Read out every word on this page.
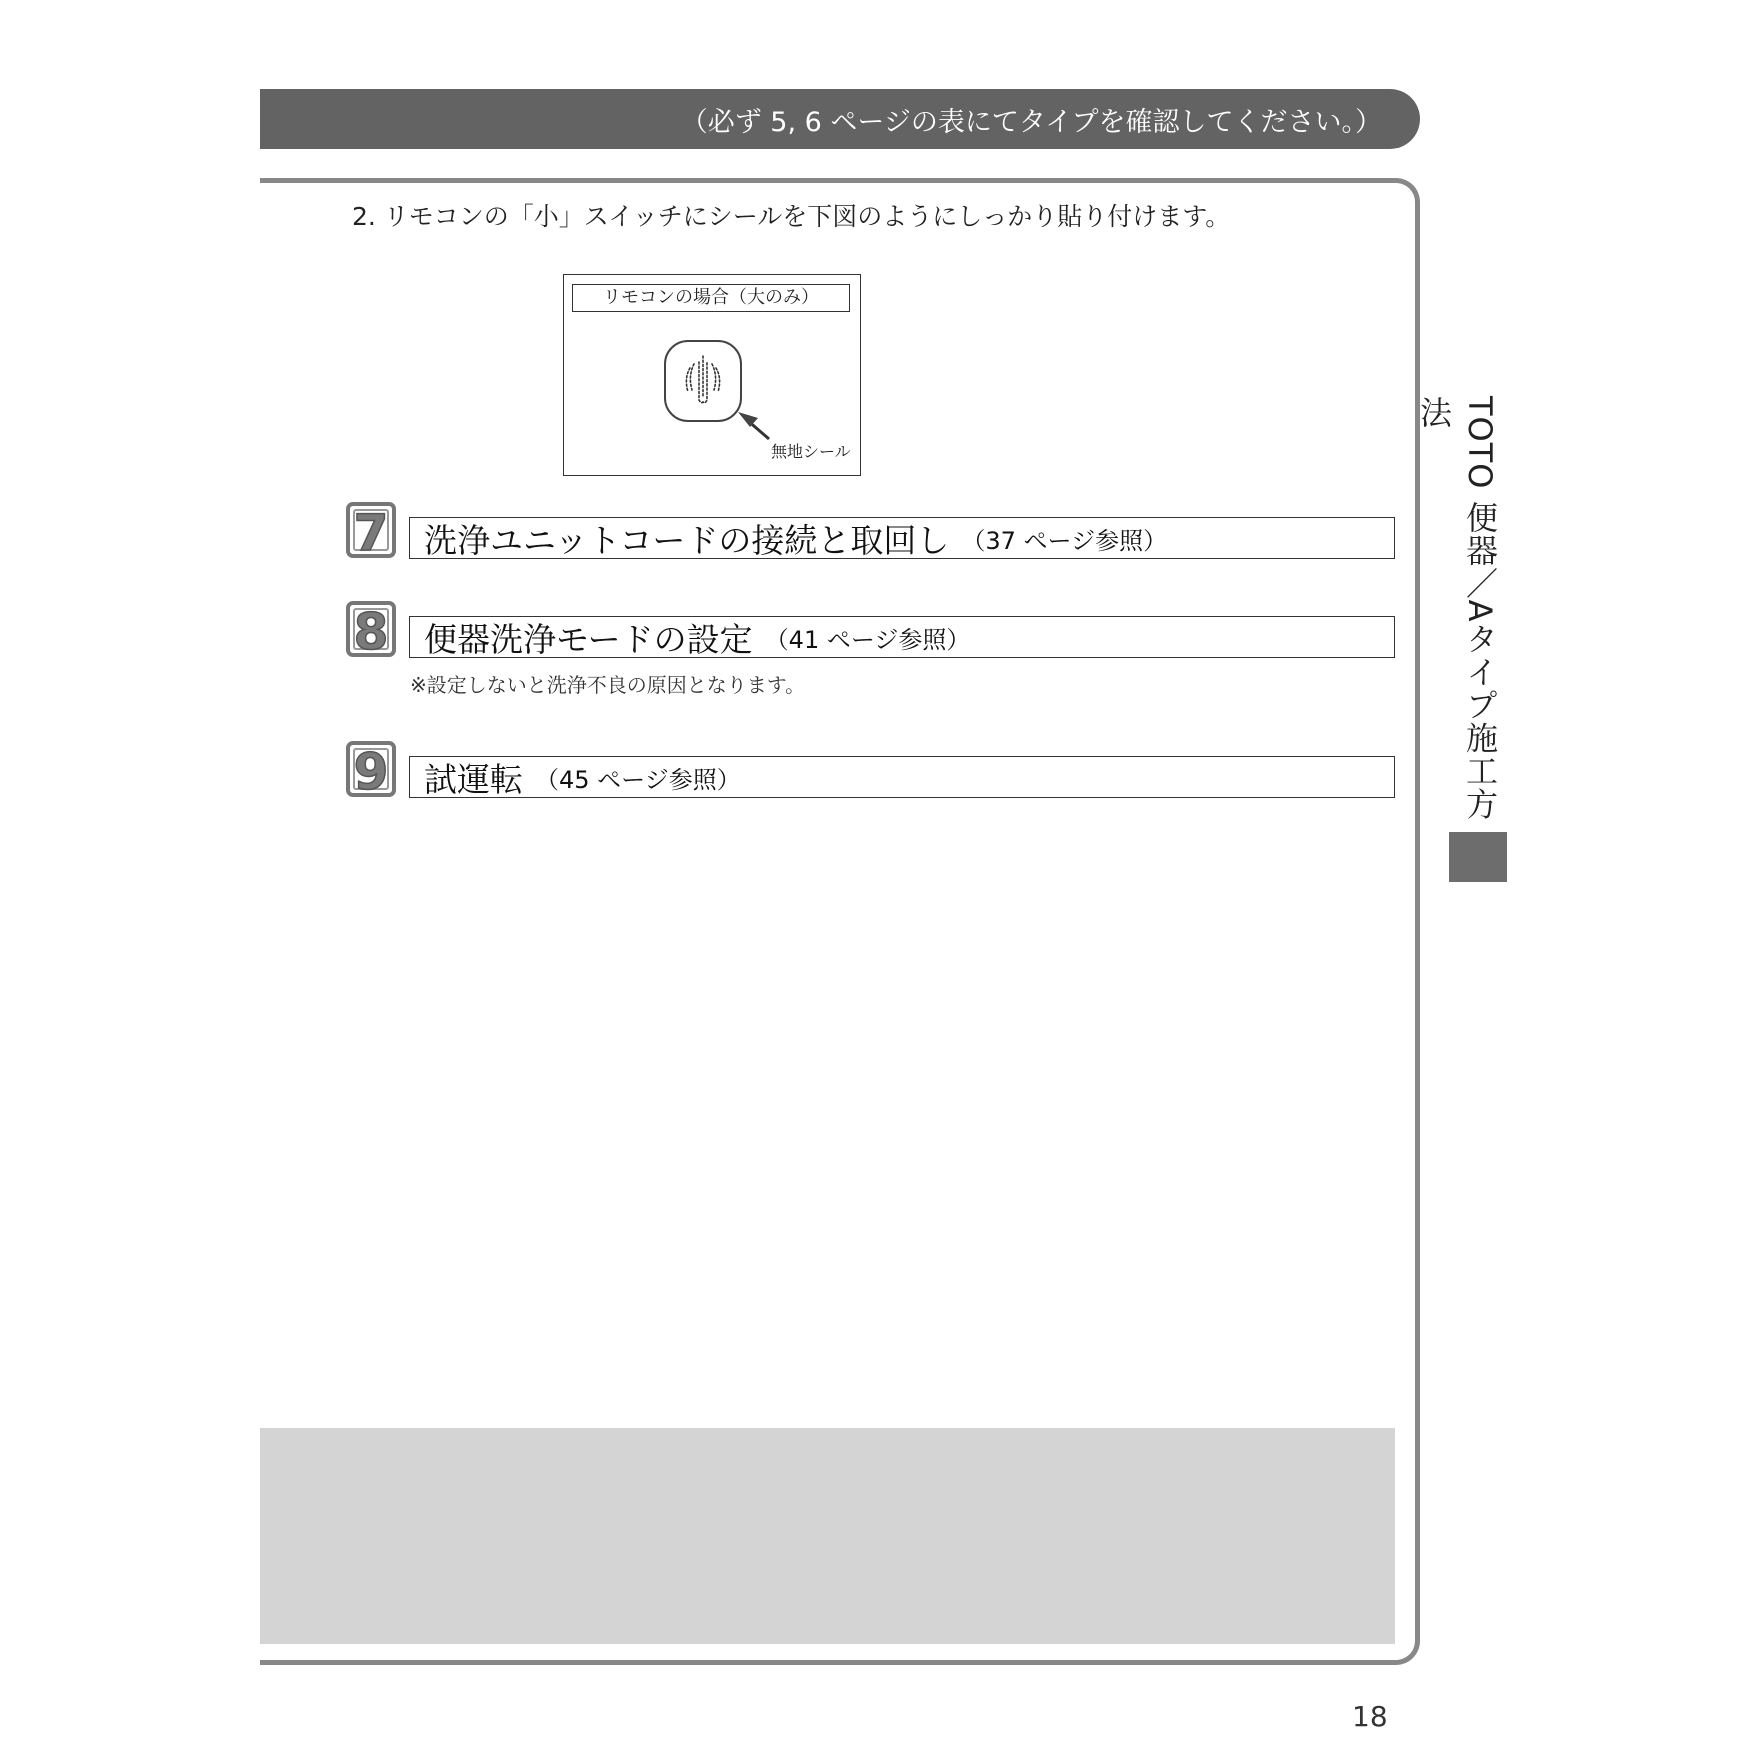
（必ず 5, 6 ページの表にてタイプを確認してください。）
2. リモコンの「小」スイッチにシールを下図のようにしっかり貼り付けます。
リモコンの場合（大のみ）
無地シール
7 洗浄ユニットコードの接続と取回し （37 ページ参照）
8 便器洗浄モードの設定 （41 ページ参照）
※設定しないと洗浄不良の原因となります。
9 試運転 （45 ページ参照）	TOTO 便器／Aタイプ施工方法
18
